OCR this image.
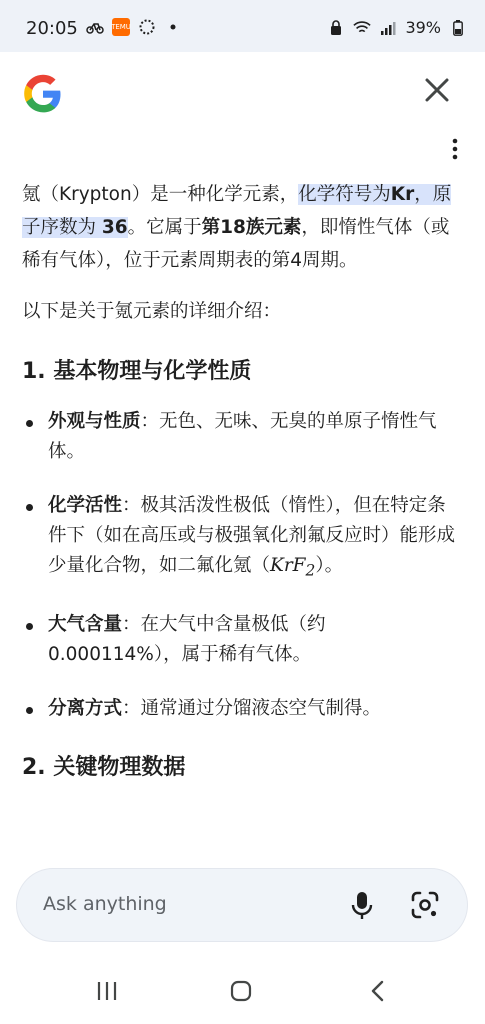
20:05	TEMU	39%

氪（Krypton）是一种化学元素，化学符号为Kr，原子序数为 36。它属于第18族元素，即惰性气体（或稀有气体），位于元素周期表的第4周期。

以下是关于氪元素的详细介绍：

1. 基本物理与化学性质
外观与性质：无色、无味、无臭的单原子惰性气体。
化学活性：极其活泼性极低（惰性），但在特定条件下（如在高压或与极强氧化剂氟反应时）能形成少量化合物，如二氟化氪（KrF$_2$）。
大气含量：在大气中含量极低（约 0.000114%），属于稀有气体。
分离方式：通常通过分馏液态空气制得。
2. 关键物理数据
Ask anything
